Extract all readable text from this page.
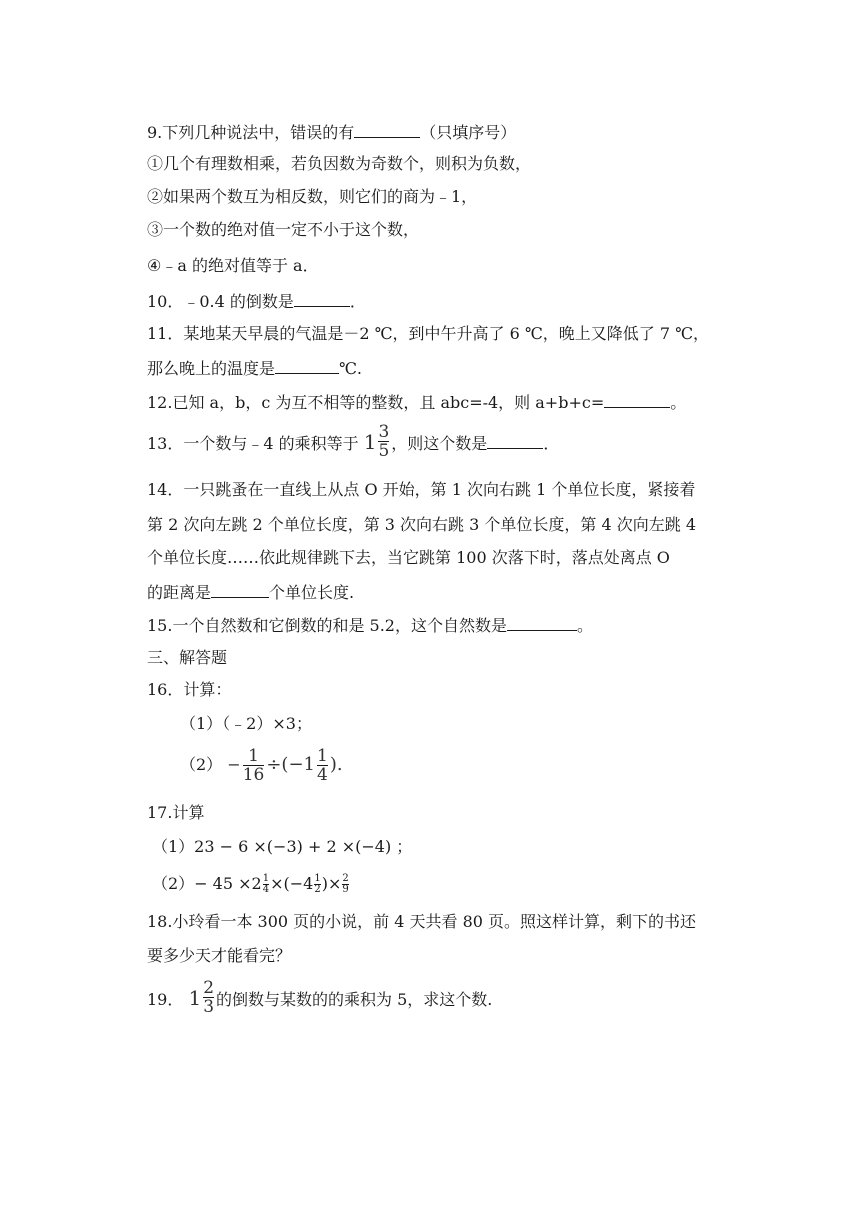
9.下列几种说法中，错误的有	（只填序号）
①几个有理数相乘，若负因数为奇数个，则积为负数，
②如果两个数互为相反数，则它们的商为﹣1，
③一个数的绝对值一定不小于这个数，
④﹣a 的绝对值等于 a．
10．﹣0.4 的倒数是	．
11．某地某天早晨的气温是－2 ℃，到中午升高了 6 ℃，晚上又降低了 7 ℃，
那么晚上的温度是	℃.
12.已知 a，b，c 为互不相等的整数，且 abc=-4，则 a+b+c=	。
13．一个数与﹣4 的乘积等于 $1 \frac{3}{5}$ ，则这个数是	．
14．一只跳蚤在一直线上从点 O 开始，第 1 次向右跳 1 个单位长度，紧接着
第 2 次向左跳 2 个单位长度，第 3 次向右跳 3 个单位长度，第 4 次向左跳 4
个单位长度……依此规律跳下去，当它跳第 100 次落下时，落点处离点 O
的距离是	个单位长度.
15.一个自然数和它倒数的和是 5.2，这个自然数是	。
三、解答题
16．计算：
（1）（﹣2）×3；
$(2) - \frac{1}{16} \div(-1 \frac{1}{4}$ ).
17.计算
（1）23 − 6 ×(−3) + 2 ×(−4) ；
$(2)- 45 \times 2 \frac{1}{4} \times(-4 \frac{1}{2}$ )× $\frac{2}{9}$
18.小玲看一本 300 页的小说，前 4 天共看 80 页。照这样计算，剩下的书还
要多少天才能看完？
19． $1 \frac{2}{3}$ 的倒数与某数的的乘积为 5，求这个数.
